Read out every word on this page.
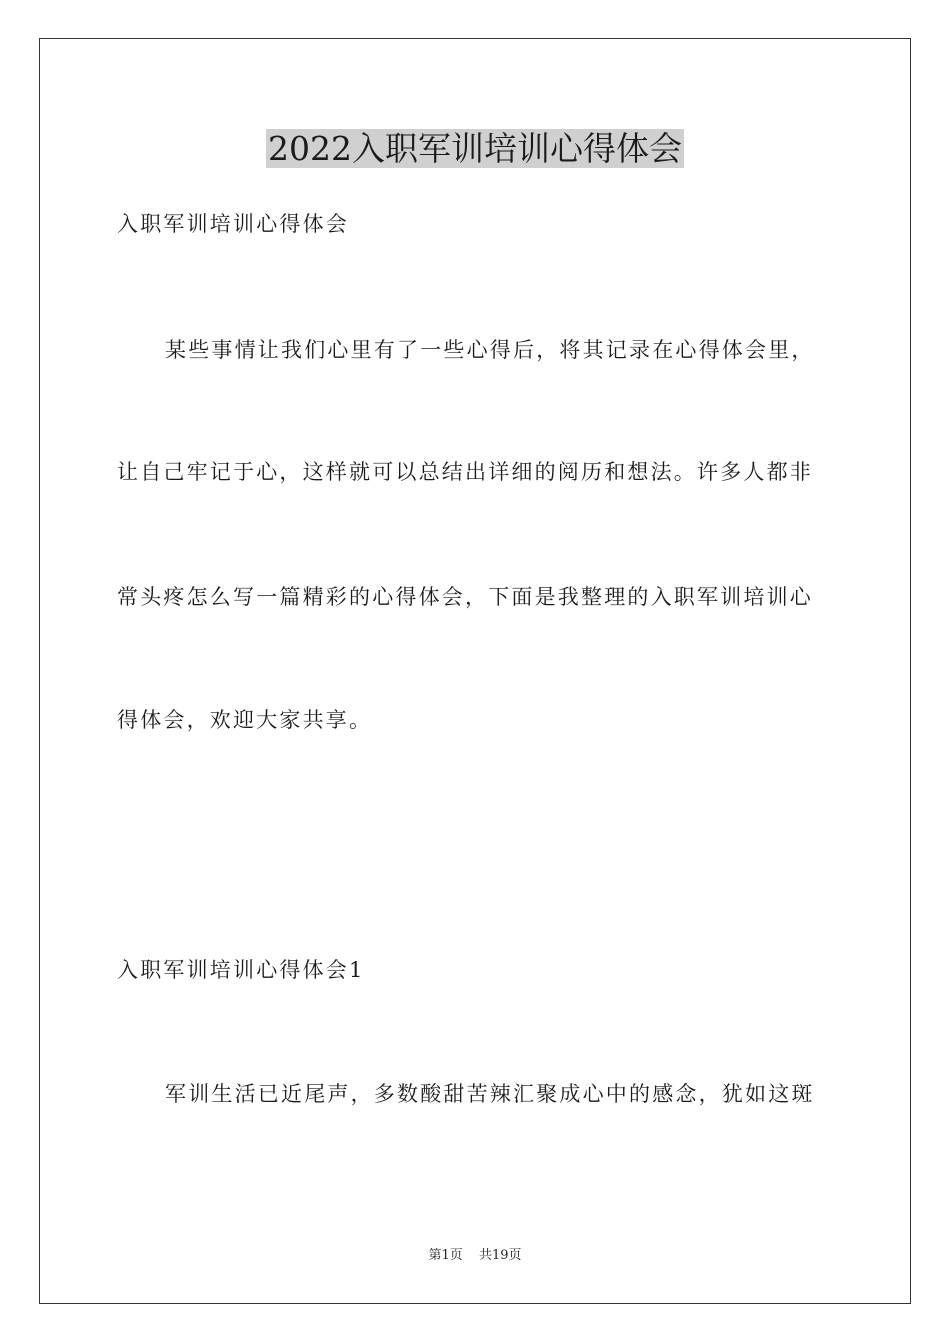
2022入职军训培训心得体会
入职军训培训心得体会
某些事情让我们心里有了一些心得后，将其记录在心得体会里，
让自己牢记于心，这样就可以总结出详细的阅历和想法。许多人都非
常头疼怎么写一篇精彩的心得体会，下面是我整理的入职军训培训心
得体会，欢迎大家共享。
入职军训培训心得体会1
军训生活已近尾声，多数酸甜苦辣汇聚成心中的感念，犹如这斑
第1页 共19页
